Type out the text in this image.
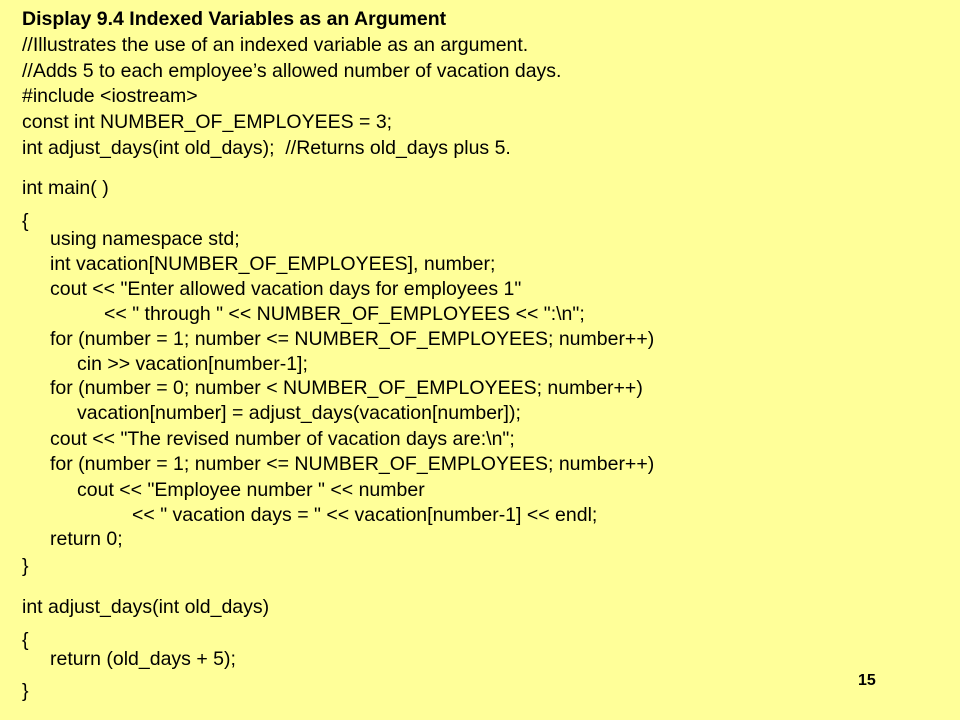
Display 9.4 Indexed Variables as an Argument
//Illustrates the use of an indexed variable as an argument.
//Adds 5 to each employee’s allowed number of vacation days.
#include <iostream>
const int NUMBER_OF_EMPLOYEES = 3;
int adjust_days(int old_days);  //Returns old_days plus 5.
int main( )
{
using namespace std;
int vacation[NUMBER_OF_EMPLOYEES], number;
cout << "Enter allowed vacation days for employees 1"
<< " through " << NUMBER_OF_EMPLOYEES << ":\n";
for (number = 1; number <= NUMBER_OF_EMPLOYEES; number++)
cin >> vacation[number-1];
for (number = 0; number < NUMBER_OF_EMPLOYEES; number++)
vacation[number] = adjust_days(vacation[number]);
cout << "The revised number of vacation days are:\n";
for (number = 1; number <= NUMBER_OF_EMPLOYEES; number++)
cout << "Employee number " << number
<< " vacation days = " << vacation[number-1] << endl;
return 0;
}
int adjust_days(int old_days)
{
return (old_days + 5);
}	15
